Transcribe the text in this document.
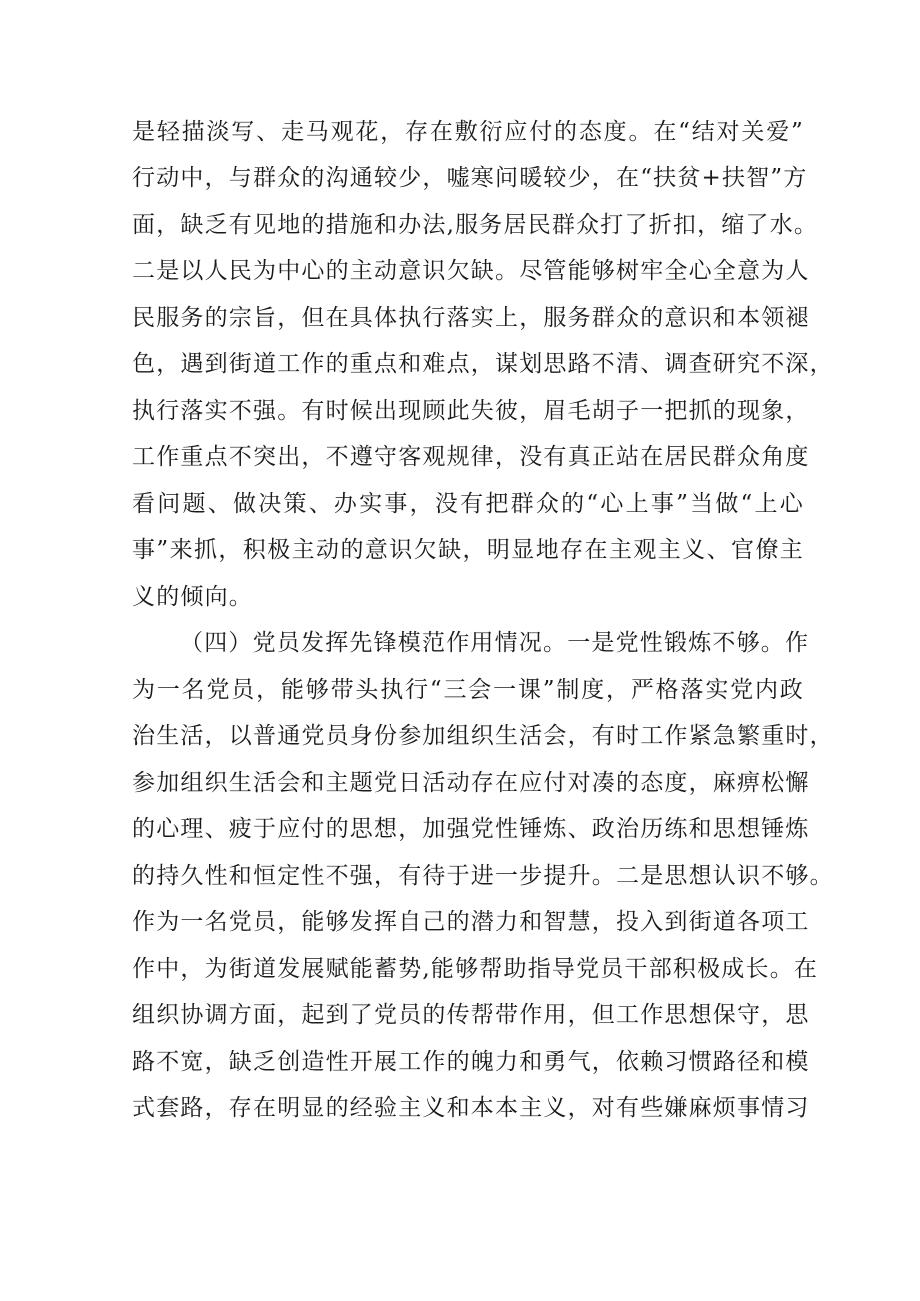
是轻描淡写、走马观花，存在敷衍应付的态度。在“结对关爱”
行动中，与群众的沟通较少，嘘寒问暖较少，在“扶贫+扶智”方
面，缺乏有见地的措施和办法,服务居民群众打了折扣，缩了水。
二是以人民为中心的主动意识欠缺。尽管能够树牢全心全意为人
民服务的宗旨，但在具体执行落实上，服务群众的意识和本领褪
色，遇到街道工作的重点和难点，谋划思路不清、调查研究不深，
执行落实不强。有时候出现顾此失彼，眉毛胡子一把抓的现象，
工作重点不突出，不遵守客观规律，没有真正站在居民群众角度
看问题、做决策、办实事，没有把群众的“心上事”当做“上心
事”来抓，积极主动的意识欠缺，明显地存在主观主义、官僚主
义的倾向。
（四）党员发挥先锋模范作用情况。一是党性锻炼不够。作
为一名党员，能够带头执行“三会一课”制度，严格落实党内政
治生活，以普通党员身份参加组织生活会，有时工作紧急繁重时，
参加组织生活会和主题党日活动存在应付对凑的态度，麻痹松懈
的心理、疲于应付的思想，加强党性锤炼、政治历练和思想锤炼
的持久性和恒定性不强，有待于进一步提升。二是思想认识不够。
作为一名党员，能够发挥自己的潜力和智慧，投入到街道各项工
作中，为街道发展赋能蓄势,能够帮助指导党员干部积极成长。在
组织协调方面，起到了党员的传帮带作用，但工作思想保守，思
路不宽，缺乏创造性开展工作的魄力和勇气，依赖习惯路径和模
式套路，存在明显的经验主义和本本主义，对有些嫌麻烦事情习
